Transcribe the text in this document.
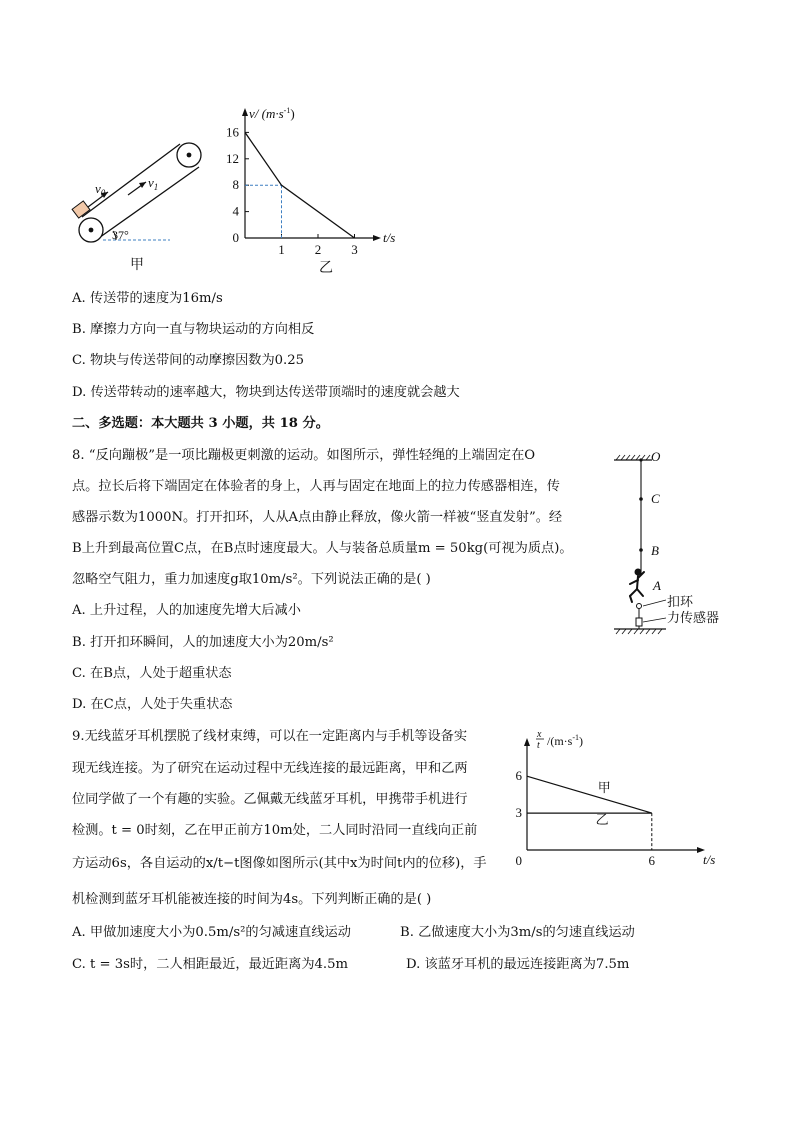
$v_0$
$v_1$
37°
甲
v/ $(m\cdot s^{-1})$
t/s
乙
0
4
8
12
16
1 2 3
A. 传送带的速度为16m/s
B. 摩擦力方向一直与物块运动的方向相反
C. 物块与传送带间的动摩擦因数为0.25
D. 传送带转动的速率越大，物块到达传送带顶端时的速度就会越大
二、多选题：本大题共 3 小题，共 18 分。
8. “反向蹦极”是一项比蹦极更刺激的运动。如图所示，弹性轻绳的上端固定在O
点。拉长后将下端固定在体验者的身上，人再与固定在地面上的拉力传感器相连，传
感器示数为1000N。打开扣环，人从A点由静止释放，像火箭一样被“竖直发射”。经
B上升到最高位置C点，在B点时速度最大。人与装备总质量m = 50kg(可视为质点)。
忽略空气阻力，重力加速度g取10m/s²。下列说法正确的是( )
A. 上升过程，人的加速度先增大后减小
B. 打开扣环瞬间，人的加速度大小为20m/s²
C. 在B点，人处于超重状态
D. 在C点，人处于失重状态
O
C
B
A
扣环
力传感器
9.无线蓝牙耳机摆脱了线材束缚，可以在一定距离内与手机等设备实
现无线连接。为了研究在运动过程中无线连接的最远距离，甲和乙两
位同学做了一个有趣的实验。乙佩戴无线蓝牙耳机，甲携带手机进行
检测。t = 0时刻，乙在甲正前方10m处，二人同时沿同一直线向正前
方运动6s，各自运动的x/t−t图像如图所示(其中x为时间t内的位移)，手
机检测到蓝牙耳机能被连接的时间为4s。下列判断正确的是( )
A. 甲做加速度大小为0.5m/s²的匀减速直线运动	B. 乙做速度大小为3m/s的匀速直线运动
C. t = 3s时，二人相距最近，最近距离为4.5m	D. 该蓝牙耳机的最远连接距离为7.5m
x
t $/(m\cdot s^{-1})$
t/s
3
6
0	6
甲
乙
